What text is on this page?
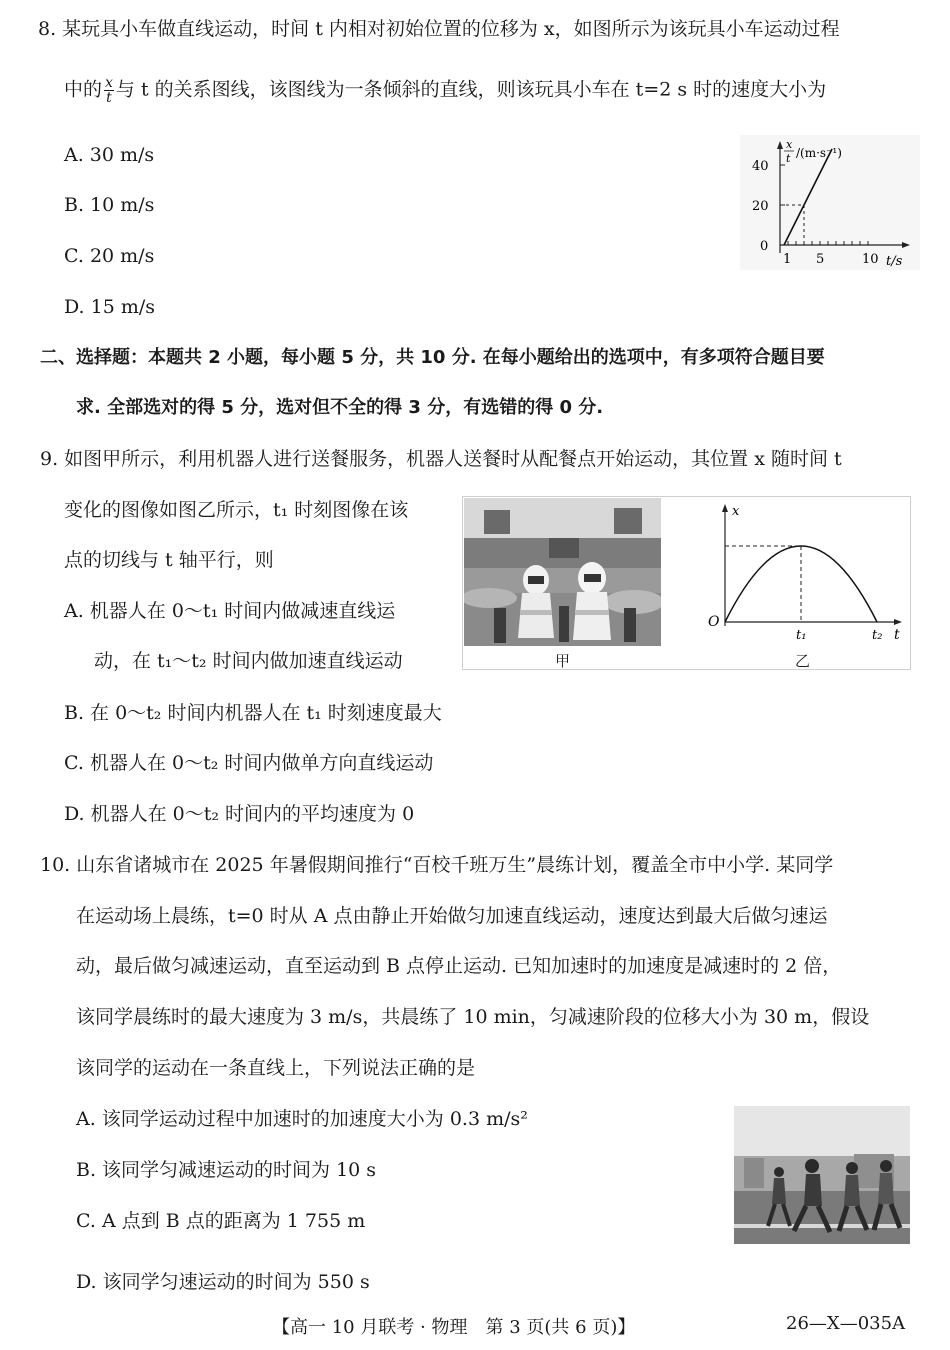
8. 某玩具小车做直线运动，时间 t 内相对初始位置的位移为 x，如图所示为该玩具小车运动过程
中的 $\frac{x}{t}$ 与 t 的关系图线，该图线为一条倾斜的直线，则该玩具小车在 t=2 s 时的速度大小为
A. 30 m/s
B. 10 m/s
C. 20 m/s
D. 15 m/s
x
t /(m·s⁻¹)
40
20
0
1 5	10 t/s
二、选择题：本题共 2 小题，每小题 5 分，共 10 分. 在每小题给出的选项中，有多项符合题目要
求. 全部选对的得 5 分，选对但不全的得 3 分，有选错的得 0 分.
9. 如图甲所示，利用机器人进行送餐服务，机器人送餐时从配餐点开始运动，其位置 x 随时间 t
变化的图像如图乙所示，t₁ 时刻图像在该
点的切线与 t 轴平行，则
A. 机器人在 0～t₁ 时间内做减速直线运
动，在 t₁～t₂ 时间内做加速直线运动
B. 在 0～t₂ 时间内机器人在 t₁ 时刻速度最大
C. 机器人在 0～t₂ 时间内做单方向直线运动
D. 机器人在 0～t₂ 时间内的平均速度为 0
甲	乙
x
O
t₁	t₂ t
10. 山东省诸城市在 2025 年暑假期间推行“百校千班万生”晨练计划，覆盖全市中小学. 某同学
在运动场上晨练，t=0 时从 A 点由静止开始做匀加速直线运动，速度达到最大后做匀速运
动，最后做匀减速运动，直至运动到 B 点停止运动. 已知加速时的加速度是减速时的 2 倍，
该同学晨练时的最大速度为 3 m/s，共晨练了 10 min，匀减速阶段的位移大小为 30 m，假设
该同学的运动在一条直线上，下列说法正确的是
A. 该同学运动过程中加速时的加速度大小为 0.3 m/s²
B. 该同学匀减速运动的时间为 10 s
C. A 点到 B 点的距离为 1 755 m
D. 该同学匀速运动的时间为 550 s
【高一 10 月联考 · 物理　第 3 页(共 6 页)】	26—X—035A
